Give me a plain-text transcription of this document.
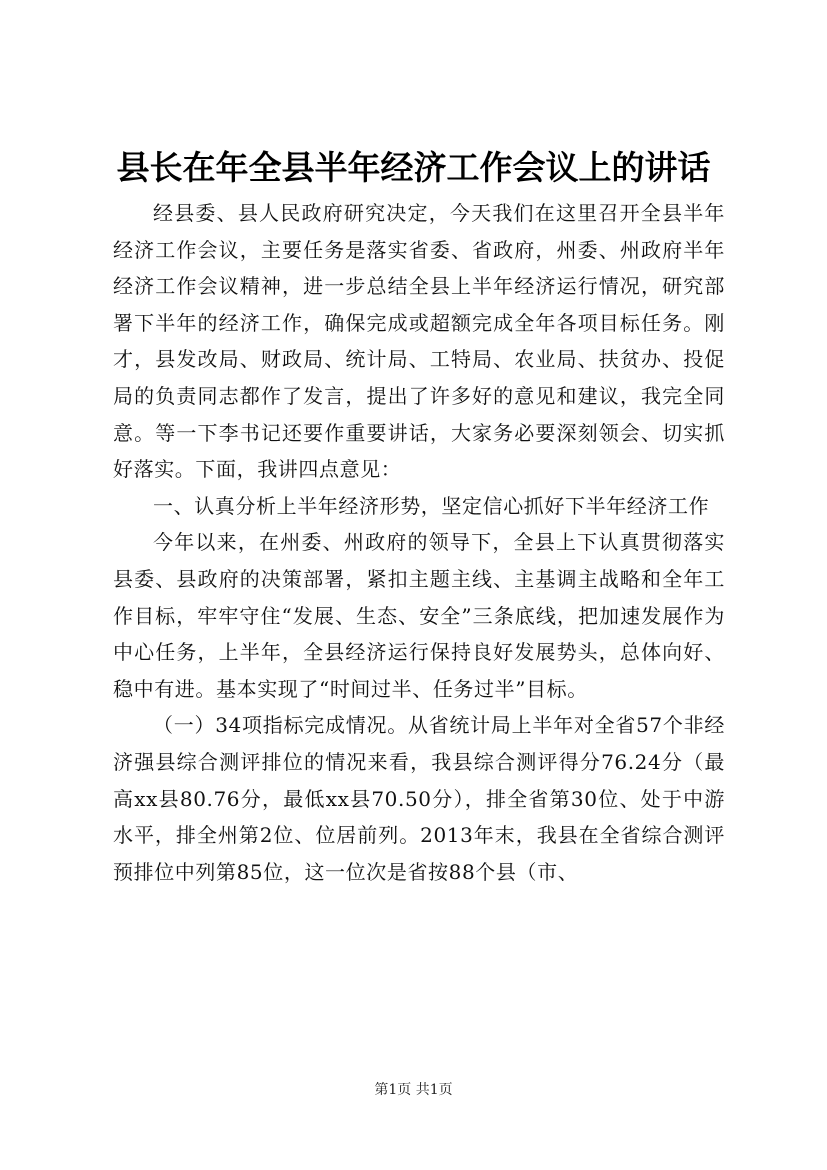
县长在年全县半年经济工作会议上的讲话

经县委、县人民政府研究决定，今天我们在这里召开全县半年经济工作会议，主要任务是落实省委、省政府，州委、州政府半年经济工作会议精神，进一步总结全县上半年经济运行情况，研究部署下半年的经济工作，确保完成或超额完成全年各项目标任务。刚才，县发改局、财政局、统计局、工特局、农业局、扶贫办、投促局的负责同志都作了发言，提出了许多好的意见和建议，我完全同意。等一下李书记还要作重要讲话，大家务必要深刻领会、切实抓好落实。下面，我讲四点意见：

一、认真分析上半年经济形势，坚定信心抓好下半年经济工作

今年以来，在州委、州政府的领导下，全县上下认真贯彻落实县委、县政府的决策部署，紧扣主题主线、主基调主战略和全年工作目标，牢牢守住“发展、生态、安全”三条底线，把加速发展作为中心任务，上半年，全县经济运行保持良好发展势头，总体向好、稳中有进。基本实现了“时间过半、任务过半”目标。

（一）34项指标完成情况。从省统计局上半年对全省57个非经济强县综合测评排位的情况来看，我县综合测评得分76.24分（最高xx县80.76分，最低xx县70.50分），排全省第30位、处于中游水平，排全州第2位、位居前列。2013年末，我县在全省综合测评预排位中列第85位，这一位次是省按88个县（市、

第1页 共1页
